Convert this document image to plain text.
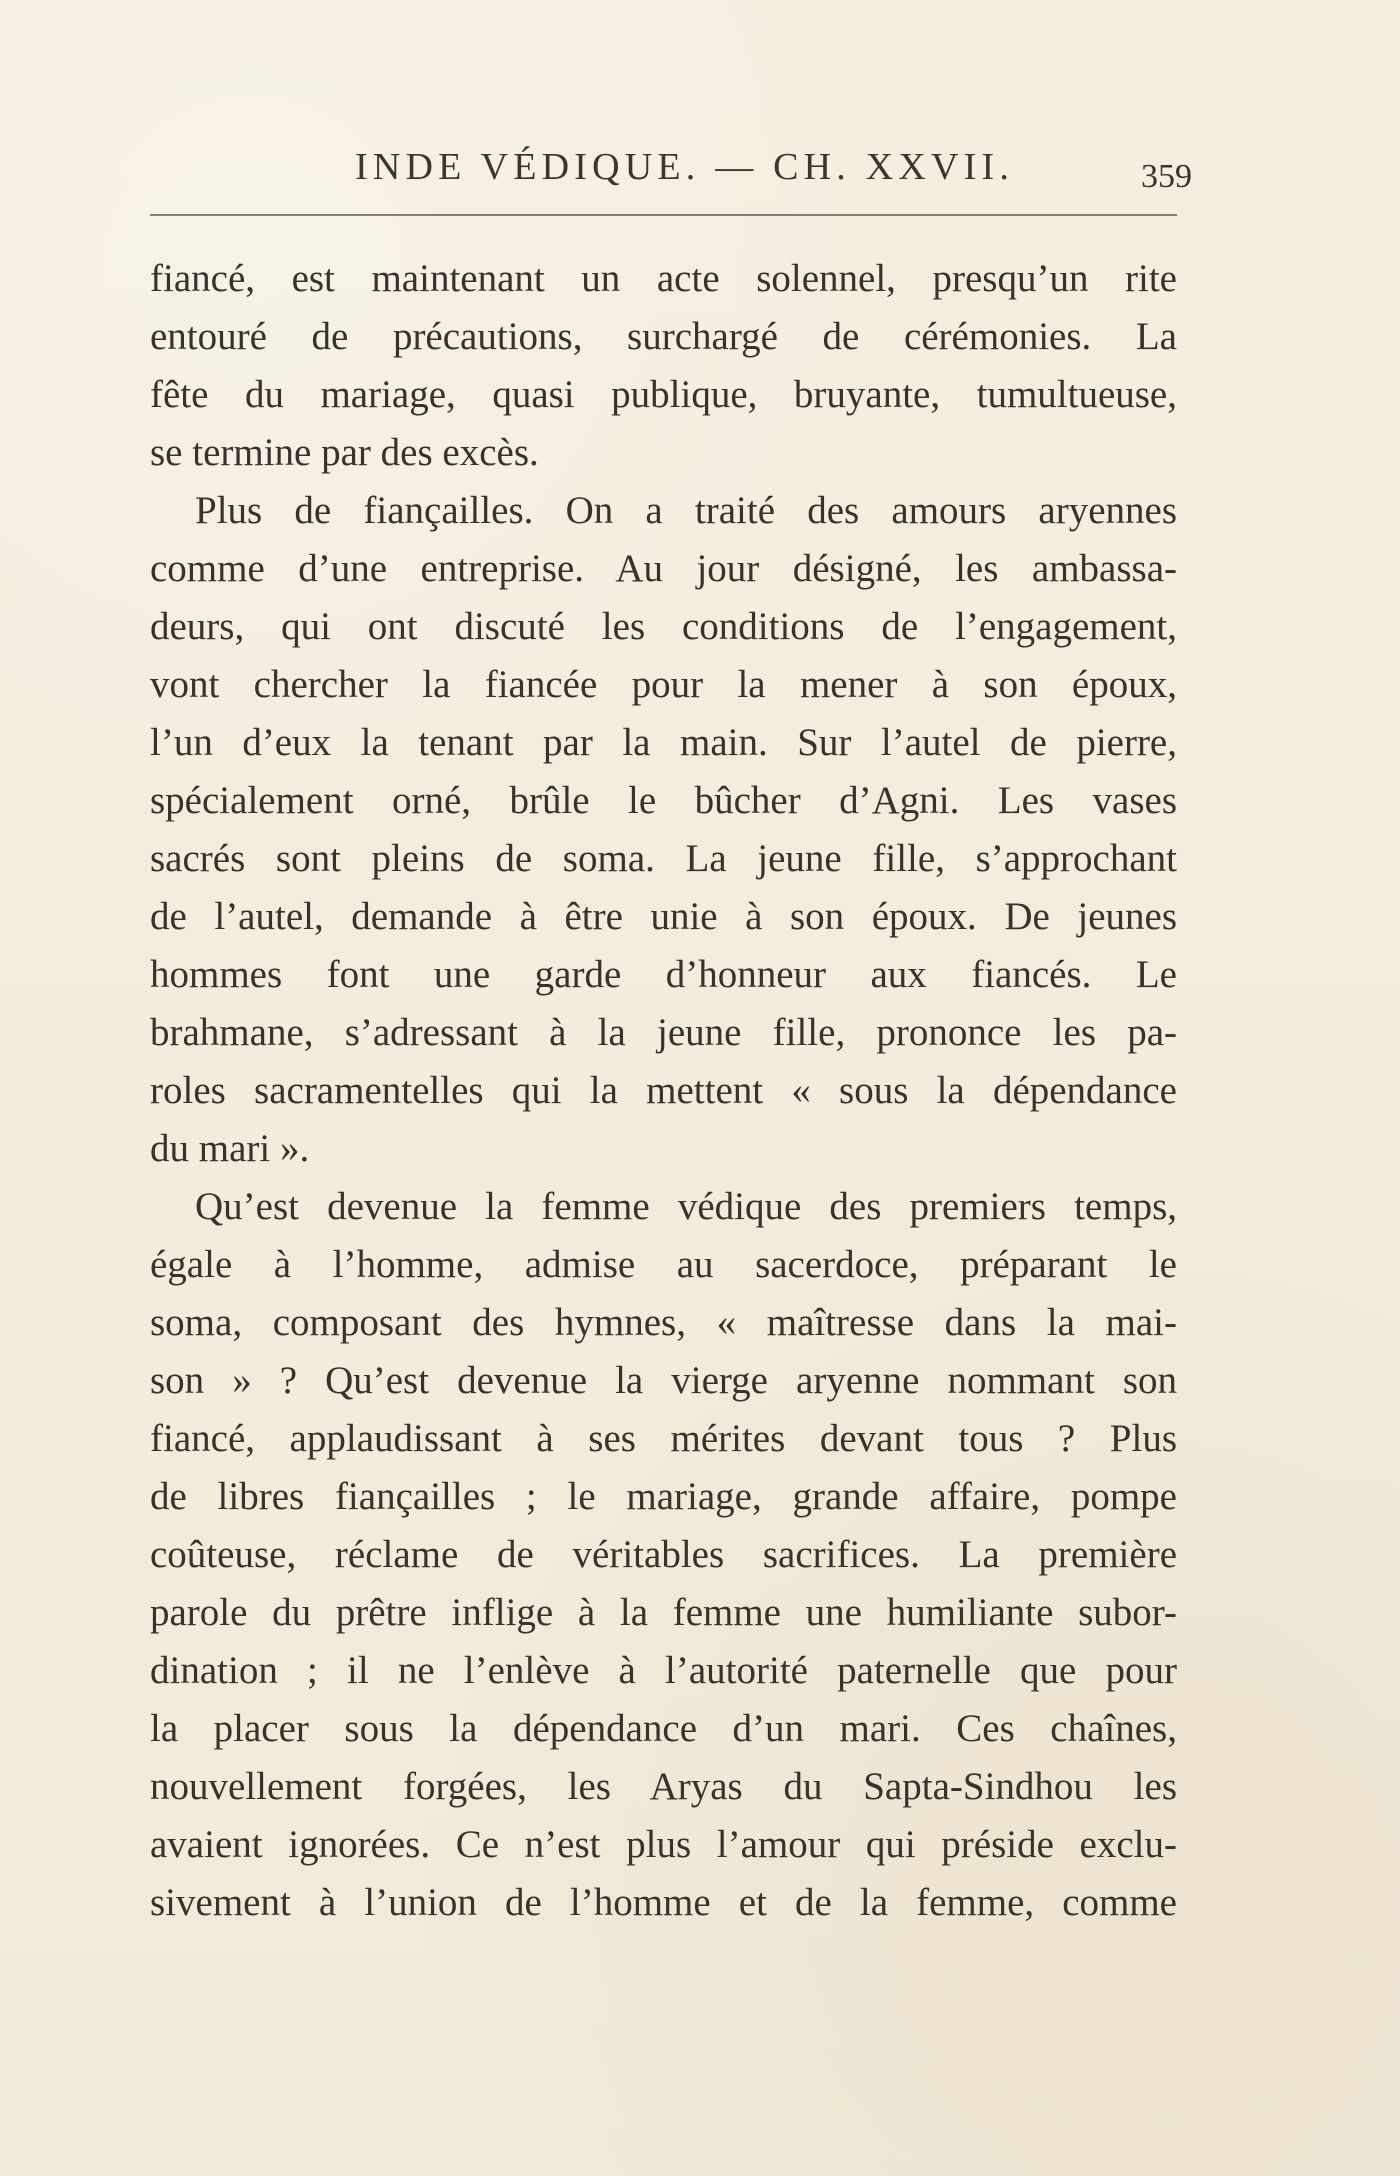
INDE VÉDIQUE. — CH. XXVII.	359
fiancé, est maintenant un acte solennel, presqu’un rite
entouré de précautions, surchargé de cérémonies. La
fête du mariage, quasi publique, bruyante, tumultueuse,
se termine par des excès.
Plus de fiançailles. On a traité des amours aryennes
comme d’une entreprise. Au jour désigné, les ambassa-
deurs, qui ont discuté les conditions de l’engagement,
vont chercher la fiancée pour la mener à son époux,
l’un d’eux la tenant par la main. Sur l’autel de pierre,
spécialement orné, brûle le bûcher d’Agni. Les vases
sacrés sont pleins de soma. La jeune fille, s’approchant
de l’autel, demande à être unie à son époux. De jeunes
hommes font une garde d’honneur aux fiancés. Le
brahmane, s’adressant à la jeune fille, prononce les pa-
roles sacramentelles qui la mettent « sous la dépendance
du mari ».
Qu’est devenue la femme védique des premiers temps,
égale à l’homme, admise au sacerdoce, préparant le
soma, composant des hymnes, « maîtresse dans la mai-
son » ? Qu’est devenue la vierge aryenne nommant son
fiancé, applaudissant à ses mérites devant tous ? Plus
de libres fiançailles ; le mariage, grande affaire, pompe
coûteuse, réclame de véritables sacrifices. La première
parole du prêtre inflige à la femme une humiliante subor-
dination ; il ne l’enlève à l’autorité paternelle que pour
la placer sous la dépendance d’un mari. Ces chaînes,
nouvellement forgées, les Aryas du Sapta-Sindhou les
avaient ignorées. Ce n’est plus l’amour qui préside exclu-
sivement à l’union de l’homme et de la femme, comme
